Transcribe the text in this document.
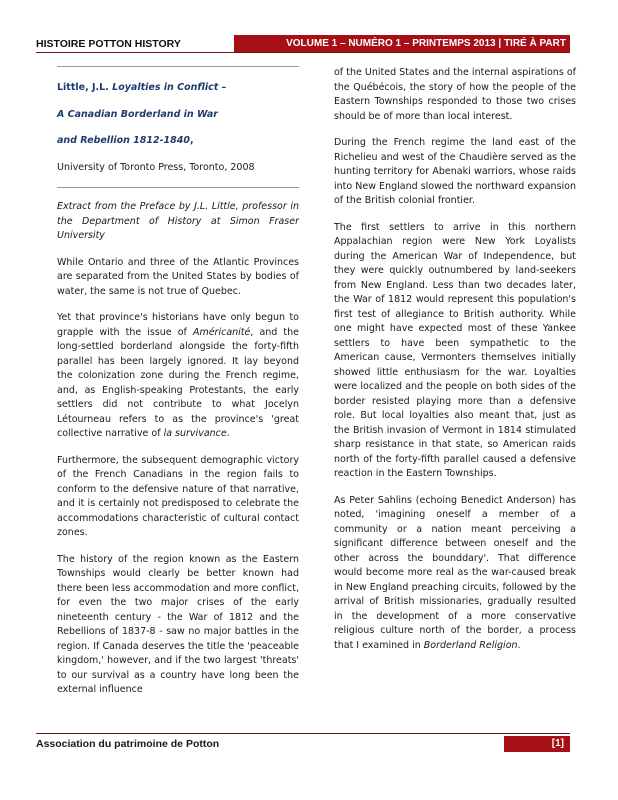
HISTOIRE POTTON HISTORY	VOLUME 1 – NUMÉRO 1 – PRINTEMPS 2013 | TIRÉ À PART

Little, J.L. Loyalties in Conflict –

A Canadian Borderland in War

and Rebellion 1812-1840,

University of Toronto Press, Toronto, 2008

Extract from the Preface by J.L. Little, professor in the Department of History at Simon Fraser University

While Ontario and three of the Atlantic Provinces are separated from the United States by bodies of water, the same is not true of Quebec.

Yet that province's historians have only begun to grapple with the issue of Américanité, and the long-settled borderland alongside the forty-fifth parallel has been largely ignored. It lay beyond the colonization zone during the French regime, and, as English-speaking Protestants, the early settlers did not contribute to what Jocelyn Létourneau refers to as the province's 'great collective narrative of la survivance.

Furthermore, the subsequent demographic victory of the French Canadians in the region fails to conform to the defensive nature of that narrative, and it is certainly not predisposed to celebrate the accommodations characteristic of cultural contact zones.

The history of the region known as the Eastern Townships would clearly be better known had there been less accommodation and more conflict, for even the two major crises of the early nineteenth century - the War of 1812 and the Rebellions of 1837-8 - saw no major battles in the region. If Canada deserves the title the 'peaceable kingdom,' however, and if the two largest 'threats' to our survival as a country have long been the external influence

of the United States and the internal aspirations of the Québécois, the story of how the people of the Eastern Townships responded to those two crises should be of more than local interest.

During the French regime the land east of the Richelieu and west of the Chaudière served as the hunting territory for Abenaki warriors, whose raids into New England slowed the northward expansion of the British colonial frontier.

The first settlers to arrive in this northern Appalachian region were New York Loyalists during the American War of Independence, but they were quickly outnumbered by land-seekers from New England. Less than two decades later, the War of 1812 would represent this population's first test of allegiance to British authority. While one might have expected most of these Yankee settlers to have been sympathetic to the American cause, Vermonters themselves initially showed little enthusiasm for the war. Loyalties were localized and the people on both sides of the border resisted playing more than a defensive role. But local loyalties also meant that, just as the British invasion of Vermont in 1814 stimulated sharp resistance in that state, so American raids north of the forty-fifth parallel caused a defensive reaction in the Eastern Townships.

As Peter Sahlins (echoing Benedict Anderson) has noted, 'imagining oneself a member of a community or a nation meant perceiving a significant difference between oneself and the other across the bounddary'. That difference would become more real as the war-caused break in New England preaching circuits, followed by the arrival of British missionaries, gradually resulted in the development of a more conservative religious culture north of the border, a process that I examined in Borderland Religion.

Association du patrimoine de Potton	[1]
